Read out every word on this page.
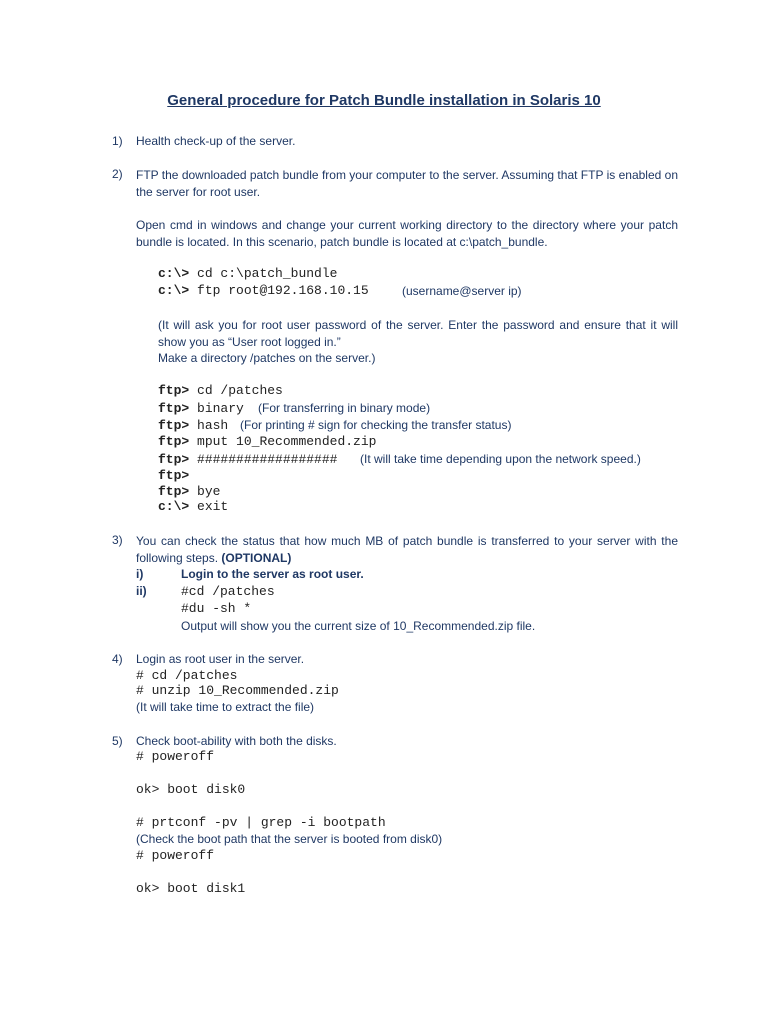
General procedure for Patch Bundle installation in Solaris 10
1) Health check-up of the server.
2) FTP the downloaded patch bundle from your computer to the server. Assuming that FTP is enabled on the server for root user.
Open cmd in windows and change your current working directory to the directory where your patch bundle is located. In this scenario, patch bundle is located at c:\patch_bundle.
c:\> cd c:\patch_bundle
c:\> ftp root@192.168.10.15	(username@server ip)
(It will ask you for root user password of the server. Enter the password and ensure that it will show you as “User root logged in.”
Make a directory /patches on the server.)
ftp> cd /patches
ftp> binary (For transferring in binary mode)
ftp> hash (For printing # sign for checking the transfer status)
ftp> mput 10_Recommended.zip
ftp> ################## (It will take time depending upon the network speed.)
ftp>
ftp> bye
c:\> exit
3) You can check the status that how much MB of patch bundle is transferred to your server with the following steps. (OPTIONAL)
i)	Login to the server as root user.
ii)	#cd /patches
#du -sh *
Output will show you the current size of 10_Recommended.zip file.
4) Login as root user in the server.
# cd /patches
# unzip 10_Recommended.zip
(It will take time to extract the file)
5) Check boot-ability with both the disks.
# poweroff
ok> boot disk0
# prtconf -pv | grep -i bootpath
(Check the boot path that the server is booted from disk0)
# poweroff
ok> boot disk1
